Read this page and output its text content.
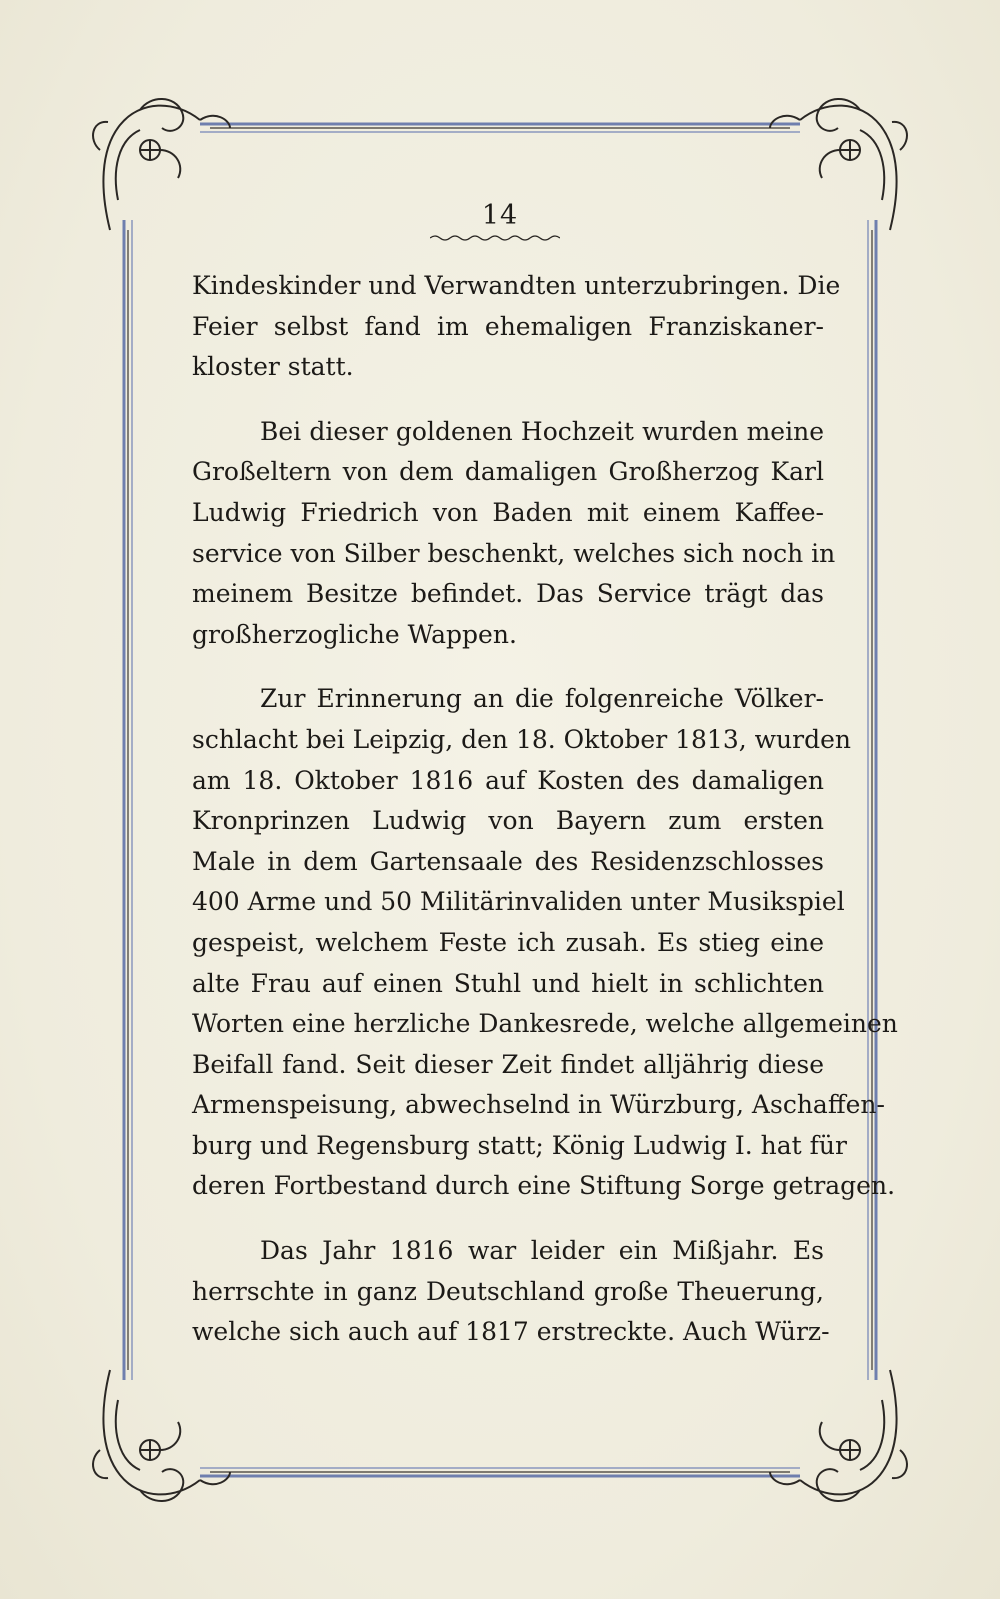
14
Kindeskinder und Verwandten unterzubringen. Die
Feier selbst fand im ehemaligen Franziskaner-
kloster statt.
Bei dieser goldenen Hochzeit wurden meine
Großeltern von dem damaligen Großherzog Karl
Ludwig Friedrich von Baden mit einem Kaffee-
service von Silber beschenkt, welches sich noch in
meinem Besitze befindet. Das Service trägt das
großherzogliche Wappen.
Zur Erinnerung an die folgenreiche Völker-
schlacht bei Leipzig, den 18. Oktober 1813, wurden
am 18. Oktober 1816 auf Kosten des damaligen
Kronprinzen Ludwig von Bayern zum ersten
Male in dem Gartensaale des Residenzschlosses
400 Arme und 50 Militärinvaliden unter Musikspiel
gespeist, welchem Feste ich zusah. Es stieg eine
alte Frau auf einen Stuhl und hielt in schlichten
Worten eine herzliche Dankesrede, welche allgemeinen
Beifall fand. Seit dieser Zeit findet alljährig diese
Armenspeisung, abwechselnd in Würzburg, Aschaffen-
burg und Regensburg statt; König Ludwig I. hat für
deren Fortbestand durch eine Stiftung Sorge getragen.
Das Jahr 1816 war leider ein Mißjahr. Es
herrschte in ganz Deutschland große Theuerung,
welche sich auch auf 1817 erstreckte. Auch Würz-
